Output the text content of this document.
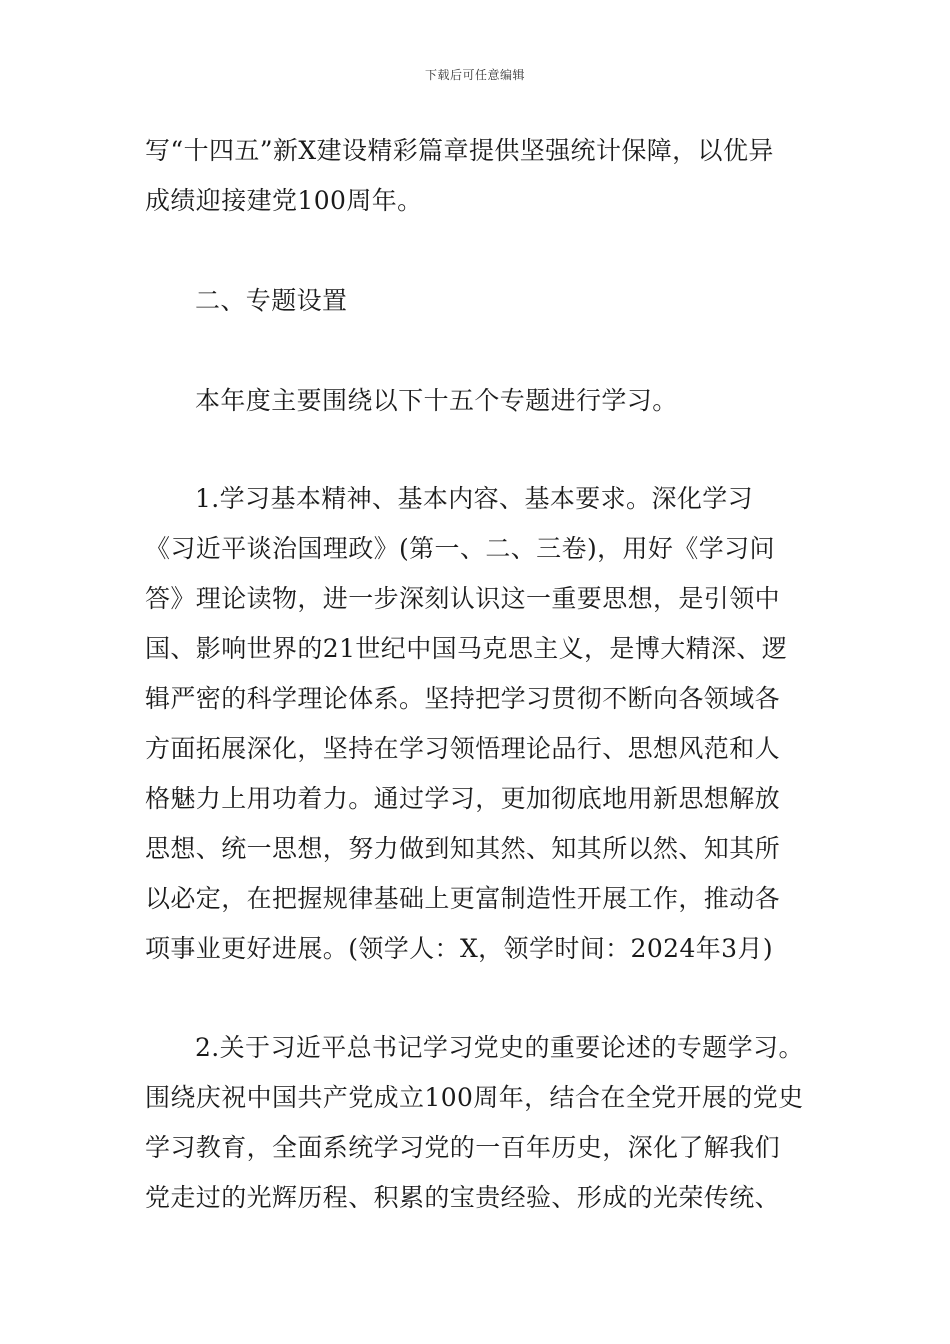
下载后可任意编辑
写“十四五”新X建设精彩篇章提供坚强统计保障，以优异
成绩迎接建党100周年。
二、专题设置
本年度主要围绕以下十五个专题进行学习。
1.学习基本精神、基本内容、基本要求。深化学习
《习近平谈治国理政》(第一、二、三卷)，用好《学习问
答》理论读物，进一步深刻认识这一重要思想，是引领中
国、影响世界的21世纪中国马克思主义，是博大精深、逻
辑严密的科学理论体系。坚持把学习贯彻不断向各领域各
方面拓展深化，坚持在学习领悟理论品行、思想风范和人
格魅力上用功着力。通过学习，更加彻底地用新思想解放
思想、统一思想，努力做到知其然、知其所以然、知其所
以必定，在把握规律基础上更富制造性开展工作，推动各
项事业更好进展。(领学人：X，领学时间：2024年3月)
2.关于习近平总书记学习党史的重要论述的专题学习。
围绕庆祝中国共产党成立100周年，结合在全党开展的党史
学习教育，全面系统学习党的一百年历史，深化了解我们
党走过的光辉历程、积累的宝贵经验、形成的光荣传统、
